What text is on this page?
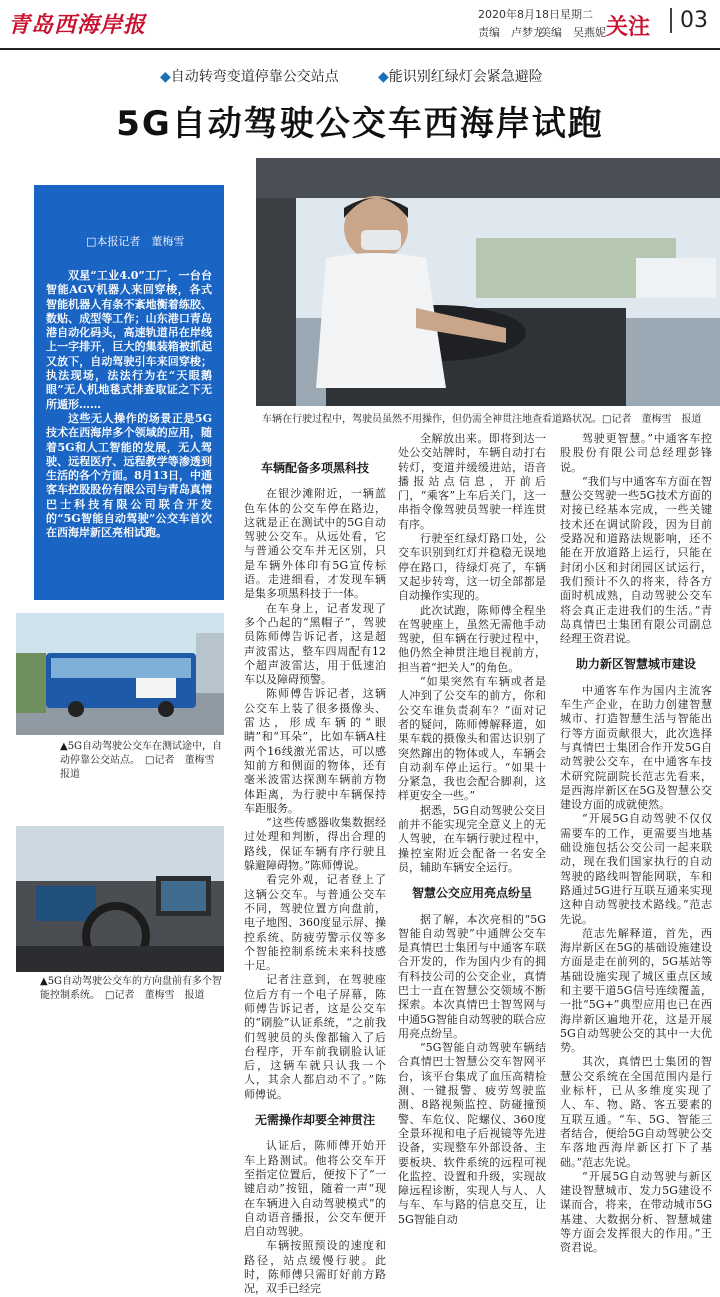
青岛西海岸报	2020年8月18日 星期二
责编　卢梦龙
美编　吴燕妮 关注	03
◆自动转弯变道停靠公交站点	◆能识别红绿灯会紧急避险
5G自动驾驶公交车西海岸试跑
□本报记者　董梅雪

双星“工业4.0”工厂，一台台智能AGV机器人来回穿梭，各式智能机器人有条不紊地衡着练胶、数贴、成型等工作；山东港口青岛港自动化码头，高速轨道吊在岸线上一字排开，巨大的集装箱被抓起又放下，自动驾驶引车来回穿梭；执法现场，法法行为在“天眼鹅眼”无人机地毯式排查取证之下无所遁形……

这些无人操作的场景正是5G技术在西海岸多个领域的应用，随着5G和人工智能的发展，无人驾驶、远程医疗、远程教学等渗透到生活的各个方面。8月13日，中通客车控股股份有限公司与青岛真情巴士科技有限公司联合开发的“5G智能自动驾驶”公交车首次在西海岸新区亮相试跑。

车辆在行驶过程中，驾驶员虽然不用操作，但仍需全神贯注地查看道路状况。□记者　董梅雪　报道
▲5G自动驾驶公交车在测试途中，自动停靠公交站点。　□记者　董梅雪　报道
▲5G自动驾驶公交车的方向盘前有多个智能控制系统。　□记者　董梅雪　报道
车辆配备多项黑科技

在银沙滩附近，一辆蓝色车体的公交车停在路边，这就是正在测试中的5G自动驾驶公交车。从远处看，它与普通公交车并无区别，只是车辆外体印有5G宣传标语。走进细看，才发现车辆是集多项黑科技于一体。

在车身上，记者发现了多个凸起的“黑帽子”，驾驶员陈师傅告诉记者，这是超声波雷达，整车四周配有12个超声波雷达，用于低速泊车以及障碍预警。

陈师傅告诉记者，这辆公交车上装了很多摄像头、雷达，形成车辆的“眼睛”和“耳朵”，比如车辆A柱两个16线激光雷达，可以感知前方和侧面的物体，还有毫米波雷达探测车辆前方物体距离，为行驶中车辆保持车距服务。

“这些传感器收集数据经过处理和判断，得出合理的路线，保证车辆有序行驶且躲避障碍物。”陈师傅说。

看完外观，记者登上了这辆公交车。与普通公交车不同，驾驶位置方向盘前，电子地图、360度显示屏、操控系统、防疲劳警示仪等多个智能控制系统未来科技感十足。

记者注意到，在驾驶座位后方有一个电子屏幕，陈师傅告诉记者，这是公交车的“刷脸”认证系统，“之前我们驾驶员的头像都输入了后台程序，开车前我刷脸认证后，这辆车就只认我一个人，其余人都启动不了。”陈师傅说。

无需操作却要全神贯注

认证后，陈师傅开始开车上路测试。他将公交车开至指定位置后，便按下了“一键启动”按钮，随着一声“现在车辆进入自动驾驶模式”的自动语音播报，公交车便开启自动驾驶。

车辆按照预设的速度和路径，站点缓慢行驶。此时，陈师傅只需盯好前方路况，双手已经完

全解放出来。即将到达一处公交站牌时，车辆自动打右转灯，变道并缓缓进站，语音播报站点信息，开前后门，“乘客”上车后关门，这一串指令像驾驶员驾驶一样连贯有序。

行驶至红绿灯路口处，公交车识别到红灯并稳稳无误地停在路口，待绿灯亮了，车辆又起步转弯，这一切全部都是自动操作实现的。

此次试跑，陈师傅全程坐在驾驶座上，虽然无需他手动驾驶，但车辆在行驶过程中，他仍然全神贯注地目视前方，担当着“把关人”的角色。

“如果突然有车辆或者是人冲到了公交车的前方，你和公交车谁负责刹车？”面对记者的疑问，陈师傅解释道，如果车载的摄像头和雷达识别了突然蹿出的物体或人，车辆会自动刹车停止运行。“如果十分紧急，我也会配合脚刹，这样更安全一些。”

据悉，5G自动驾驶公交目前并不能实现完全意义上的无人驾驶，在车辆行驶过程中，操控室附近会配备一名安全员，辅助车辆安全运行。

智慧公交应用亮点纷呈

据了解，本次亮相的“5G智能自动驾驶”中通牌公交车是真情巴士集团与中通客车联合开发的，作为国内少有的拥有科技公司的公交企业，真情巴士一直在智慧公交领域不断探索。本次真情巴士智驾网与中通5G智能自动驾驶的联合应用亮点纷呈。

“5G智能自动驾驶车辆结合真情巴士智慧公交车智网平台，该平台集成了血压高精检测、一键报警、疲劳驾驶监测、8路视频监控、防碰撞预警、车危仪、陀螺仪、360度全景环视和电子后视镜等先进设备，实现整车外部设备、主要板块、软件系统的远程可视化监控、设置和升级，实现故障远程诊断，实现人与人、人与车、车与路的信息交互，让5G智能自动

驾驶更智慧。”中通客车控股股份有限公司总经理彭锋说。

“我们与中通客车方面在智慧公交驾驶一些5G技术方面的对接已经基本完成，一些关键技术还在调试阶段，因为目前受路况和道路法规影响，还不能在开放道路上运行，只能在封闭小区和封闭园区试运行，我们预计不久的将来，待各方面时机成熟，自动驾驶公交车将会真正走进我们的生活。”青岛真情巴士集团有限公司副总经理王资君说。

助力新区智慧城市建设

中通客车作为国内主流客车生产企业，在助力创建智慧城市、打造智慧生活与智能出行等方面贡献很大，此次选择与真情巴士集团合作开发5G自动驾驶公交车，在中通客车技术研究院副院长范志先看来，是西海岸新区在5G及智慧公交建设方面的成就使然。

“开展5G自动驾驶不仅仅需要车的工作，更需要当地基础设施包括公交公司一起来联动，现在我们国家执行的自动驾驶的路线叫智能网联，车和路通过5G进行互联互通来实现这种自动驾驶技术路线。”范志先说。

范志先解释道，首先，西海岸新区在5G的基础设施建设方面是走在前列的，5G基站等基础设施实现了城区重点区域和主要干道5G信号连续覆盖，一批“5G+”典型应用也已在西海岸新区遍地开花，这是开展5G自动驾驶公交的其中一大优势。

其次，真情巴士集团的智慧公交系统在全国范围内是行业标杆，已从多维度实现了人、车、物、路、客五要素的互联互通。“车、5G、智能三者结合，便给5G自动驾驶公交车落地西海岸新区打下了基础。”范志先说。

“开展5G自动驾驶与新区建设智慧城市、发力5G建设不谋而合，将来，在带动城市5G基建、大数据分析、智慧城建等方面会发挥很大的作用。”王资君说。
